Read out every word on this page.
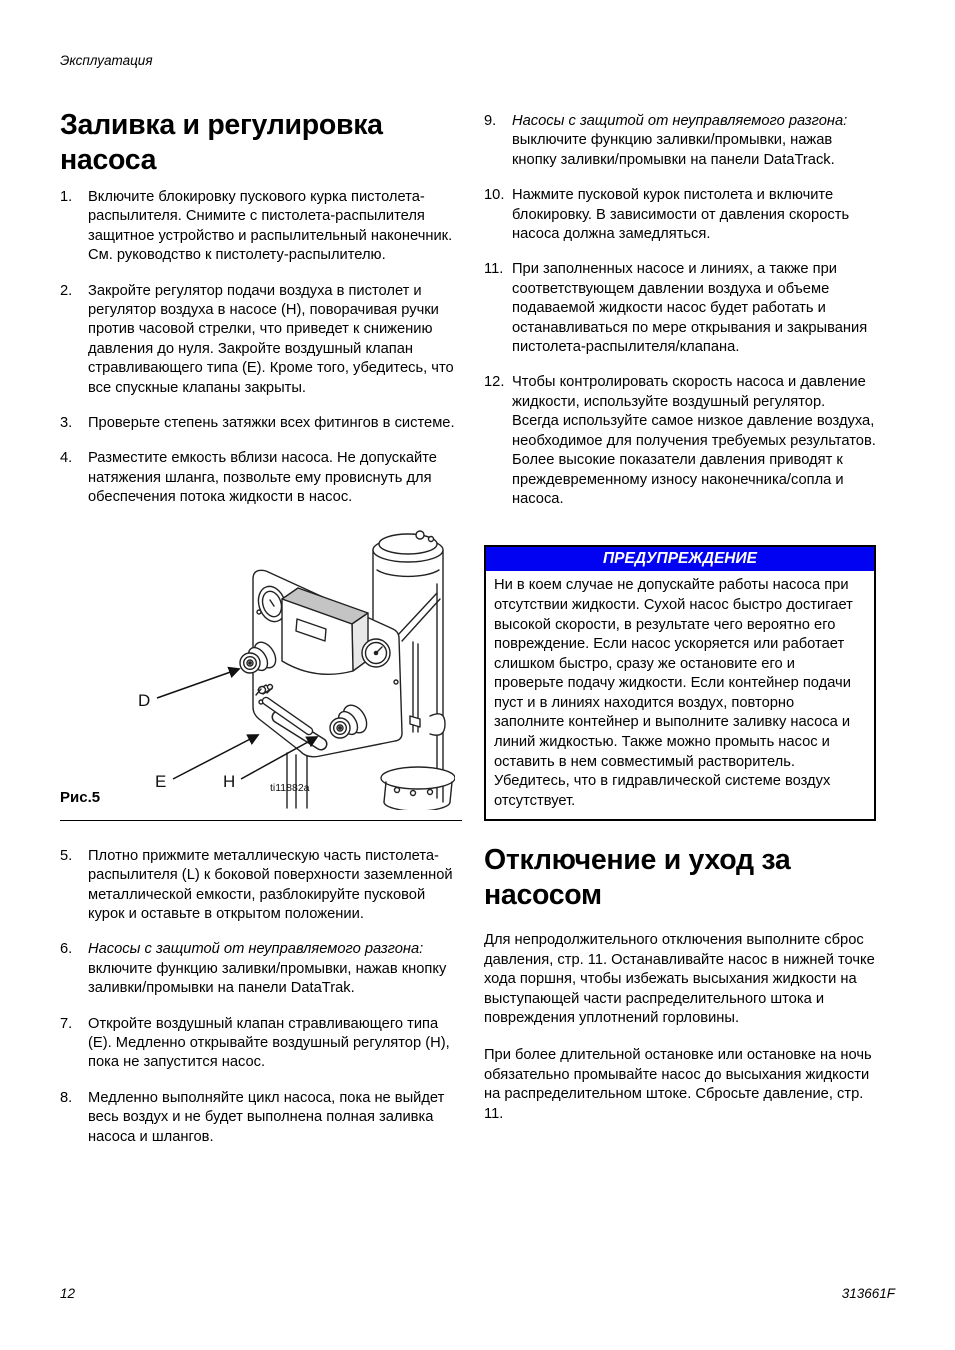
Эксплуатация
Заливка и регулировка насоса
1.	Включите блокировку пускового курка пистолета-распылителя. Снимите с пистолета-распылителя защитное устройство и распылительный наконечник. См. руководство к пистолету-распылителю.
2.	Закройте регулятор подачи воздуха в пистолет и регулятор воздуха в насосе (H), поворачивая ручки против часовой стрелки, что приведет к снижению давления до нуля. Закройте воздушный клапан стравливающего типа (E). Кроме того, убедитесь, что все спускные клапаны закрыты.
3.	Проверьте степень затяжки всех фитингов в системе.
4.	Разместите емкость вблизи насоса. Не допускайте натяжения шланга, позвольте ему провиснуть для обеспечения потока жидкости в насос.
D
E	H	ti11882a
Рис.5
5.	Плотно прижмите металлическую часть пистолета-распылителя (L) к боковой поверхности заземленной металлической емкости, разблокируйте пусковой курок и оставьте в открытом положении.
6.	Насосы с защитой от неуправляемого разгона: включите функцию заливки/промывки, нажав кнопку заливки/промывки на панели DataTrak.
7.	Откройте воздушный клапан стравливающего типа (E). Медленно открывайте воздушный регулятор (H), пока не запустится насос.
8.	Медленно выполняйте цикл насоса, пока не выйдет весь воздух и не будет выполнена полная заливка насоса и шлангов.
9.	Насосы с защитой от неуправляемого разгона: выключите функцию заливки/промывки, нажав кнопку заливки/промывки на панели DataTrack.
10. Нажмите пусковой курок пистолета и включите блокировку. В зависимости от давления скорость насоса должна замедляться.
11. При заполненных насосе и линиях, а также при соответствующем давлении воздуха и объеме подаваемой жидкости насос будет работать и останавливаться по мере открывания и закрывания пистолета-распылителя/клапана.
12. Чтобы контролировать скорость насоса и давление жидкости, используйте воздушный регулятор. Всегда используйте самое низкое давление воздуха, необходимое для получения требуемых результатов. Более высокие показатели давления приводят к преждевременному износу наконечника/сопла и насоса.
ПРЕДУПРЕЖДЕНИЕ
Ни в коем случае не допускайте работы насоса при отсутствии жидкости. Сухой насос быстро достигает высокой скорости, в результате чего вероятно его повреждение. Если насос ускоряется или работает слишком быстро, сразу же остановите его и проверьте подачу жидкости. Если контейнер подачи пуст и в линиях находится воздух, повторно заполните контейнер и выполните заливку насоса и линий жидкостью. Также можно промыть насос и оставить в нем совместимый растворитель. Убедитесь, что в гидравлической системе воздух отсутствует.
Отключение и уход за насосом

Для непродолжительного отключения выполните сброс давления, стр. 11. Останавливайте насос в нижней точке хода поршня, чтобы избежать высыхания жидкости на выступающей части распределительного штока и повреждения уплотнений горловины.

При более длительной остановке или остановке на ночь обязательно промывайте насос до высыхания жидкости на распределительном штоке. Сбросьте давление, стр. 11.

12	313661F
